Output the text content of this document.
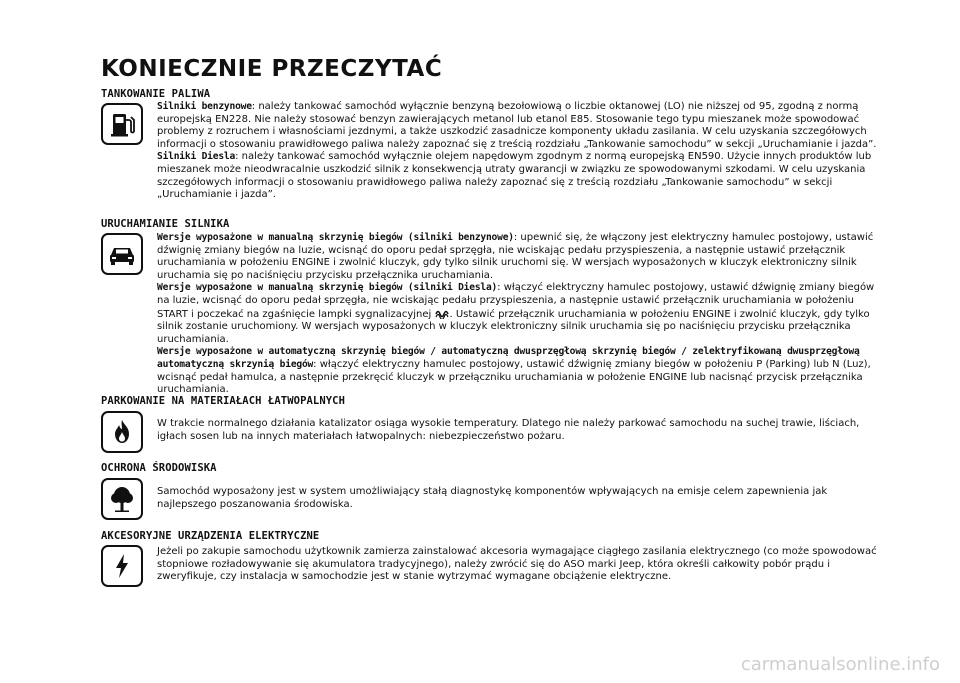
KONIECZNIE PRZECZYTAĆ
TANKOWANIE PALIWA

Silniki benzynowe: należy tankować samochód wyłącznie benzyną bezołowiową o liczbie oktanowej (LO) nie niższej od 95, zgodną z normą europejską EN228. Nie należy stosować benzyn zawierających metanol lub etanol E85. Stosowanie tego typu mieszanek może spowodować problemy z rozruchem i własnościami jezdnymi, a także uszkodzić zasadnicze komponenty układu zasilania. W celu uzyskania szczegółowych informacji o stosowaniu prawidłowego paliwa należy zapoznać się z treścią rozdziału „Tankowanie samochodu” w sekcji „Uruchamianie i jazda”.

Silniki Diesla: należy tankować samochód wyłącznie olejem napędowym zgodnym z normą europejską EN590. Użycie innych produktów lub mieszanek może nieodwracalnie uszkodzić silnik z konsekwencją utraty gwarancji w związku ze spowodowanymi szkodami. W celu uzyskania szczegółowych informacji o stosowaniu prawidłowego paliwa należy zapoznać się z treścią rozdziału „Tankowanie samochodu” w sekcji „Uruchamianie i jazda”.

URUCHAMIANIE SILNIKA

Wersje wyposażone w manualną skrzynię biegów (silniki benzynowe): upewnić się, że włączony jest elektryczny hamulec postojowy, ustawić dźwignię zmiany biegów na luzie, wcisnąć do oporu pedał sprzęgła, nie wciskając pedału przyspieszenia, a następnie ustawić przełącznik uruchamiania w położeniu ENGINE i zwolnić kluczyk, gdy tylko silnik uruchomi się. W wersjach wyposażonych w kluczyk elektroniczny silnik uruchamia się po naciśnięciu przycisku przełącznika uruchamiania.

Wersje wyposażone w manualną skrzynię biegów (silniki Diesla): włączyć elektryczny hamulec postojowy, ustawić dźwignię zmiany biegów na luzie, wcisnąć do oporu pedał sprzęgła, nie wciskając pedału przyspieszenia, a następnie ustawić przełącznik uruchamiania w położeniu START i poczekać na zgaśnięcie lampki sygnalizacyjnej . Ustawić przełącznik uruchamiania w położeniu ENGINE i zwolnić kluczyk, gdy tylko silnik zostanie uruchomiony. W wersjach wyposażonych w kluczyk elektroniczny silnik uruchamia się po naciśnięciu przycisku przełącznika uruchamiania.

Wersje wyposażone w automatyczną skrzynię biegów / automatyczną dwusprzęgłową skrzynię biegów / zelektryfikowaną dwusprzęgłową automatyczną skrzynią biegów: włączyć elektryczny hamulec postojowy, ustawić dźwignię zmiany biegów w położeniu P (Parking) lub N (Luz), wcisnąć pedał hamulca, a następnie przekręcić kluczyk w przełączniku uruchamiania w położenie ENGINE lub nacisnąć przycisk przełącznika uruchamiania.

PARKOWANIE NA MATERIAŁACH ŁATWOPALNYCH

W trakcie normalnego działania katalizator osiąga wysokie temperatury. Dlatego nie należy parkować samochodu na suchej trawie, liściach, igłach sosen lub na innych materiałach łatwopalnych: niebezpieczeństwo pożaru.

OCHRONA ŚRODOWISKA

Samochód wyposażony jest w system umożliwiający stałą diagnostykę komponentów wpływających na emisje celem zapewnienia jak najlepszego poszanowania środowiska.

AKCESORYJNE URZĄDZENIA ELEKTRYCZNE

Jeżeli po zakupie samochodu użytkownik zamierza zainstalować akcesoria wymagające ciągłego zasilania elektrycznego (co może spowodować stopniowe rozładowywanie się akumulatora tradycyjnego), należy zwrócić się do ASO marki Jeep, która określi całkowity pobór prądu i zweryfikuje, czy instalacja w samochodzie jest w stanie wytrzymać wymagane obciążenie elektryczne.

carmanualsonline.info
